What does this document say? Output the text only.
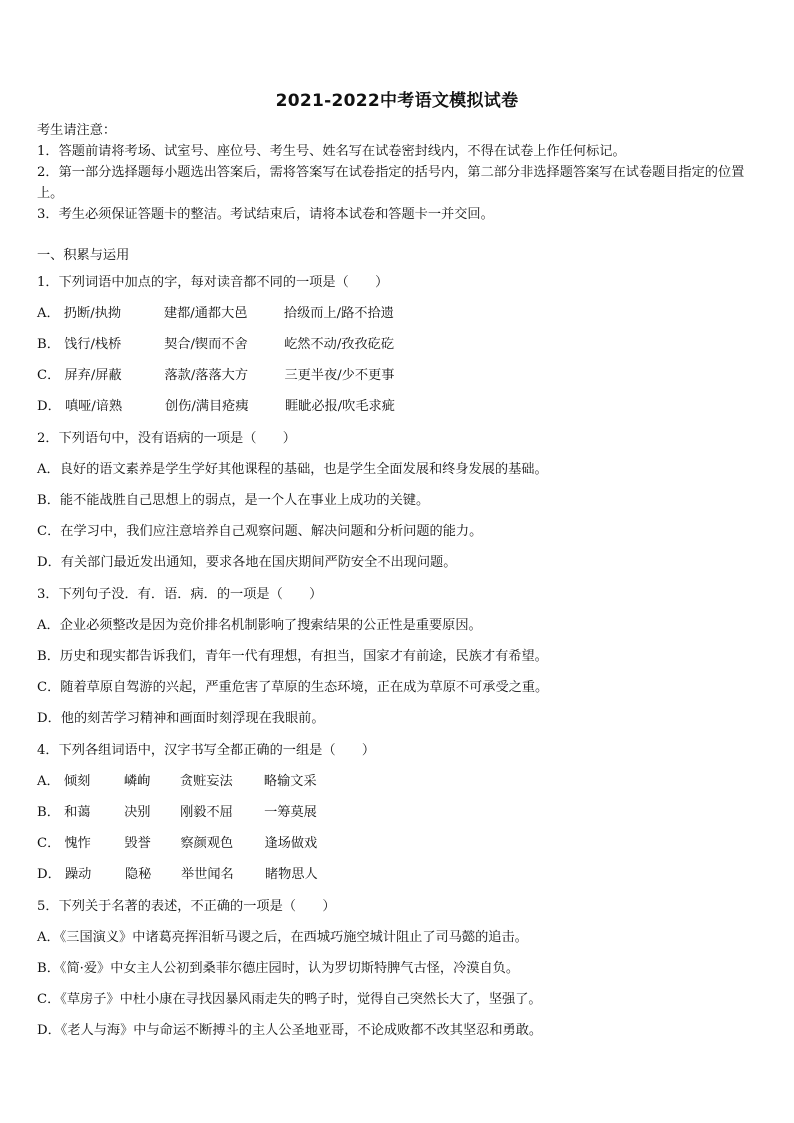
2021-2022中考语文模拟试卷

考生请注意：

1．答题前请将考场、试室号、座位号、考生号、姓名写在试卷密封线内，不得在试卷上作任何标记。

2．第一部分选择题每小题选出答案后，需将答案写在试卷指定的括号内，第二部分非选择题答案写在试卷题目指定的位置上。

3．考生必须保证答题卡的整洁。考试结束后，请将本试卷和答题卡一并交回。

一、积累与运用
1．下列词语中加点的字，每对读音都不同的一项是（　　）
A． 扔断/执拗	建都/通都大邑	拾级而上/路不拾遗
B． 饯行/栈桥	契合/锲而不舍	屹然不动/孜孜矻矻
C． 屏弃/屏蔽	落款/落落大方	三更半夜/少不更事
D． 嗔哑/谙熟	创伤/满目疮痍	睚眦必报/吹毛求疵
2．下列语句中，没有语病的一项是（　　）
A．良好的语文素养是学生学好其他课程的基础，也是学生全面发展和终身发展的基础。
B．能不能战胜自己思想上的弱点，是一个人在事业上成功的关键。
C．在学习中，我们应注意培养自己观察问题、解决问题和分析问题的能力。
D．有关部门最近发出通知，要求各地在国庆期间严防安全不出现问题。
3．下列句子没．有．语．病．的一项是（　　）
A．企业必须整改是因为竞价排名机制影响了搜索结果的公正性是重要原因。
B．历史和现实都告诉我们，青年一代有理想，有担当，国家才有前途，民族才有希望。
C．随着草原自驾游的兴起，严重危害了草原的生态环境，正在成为草原不可承受之重。
D．他的刻苦学习精神和画面时刻浮现在我眼前。
4．下列各组词语中，汉字书写全都正确的一组是（　　）
A． 倾刻	嶙峋 贪赃妄法 略输文采
B． 和蔼	决别 刚毅不屈 一筹莫展
C． 愧怍	毁誉 察颜观色 逢场做戏
D． 躁动	隐秘 举世闻名 睹物思人
5．下列关于名著的表述，不正确的一项是（　　）
A．《三国演义》中诸葛亮挥泪斩马谡之后，在西城巧施空城计阻止了司马懿的追击。
B．《简·爱》中女主人公初到桑菲尔德庄园时，认为罗切斯特脾气古怪，冷漠自负。
C．《草房子》中杜小康在寻找因暴风雨走失的鸭子时，觉得自己突然长大了，坚强了。
D．《老人与海》中与命运不断搏斗的主人公圣地亚哥，不论成败都不改其坚忍和勇敢。
